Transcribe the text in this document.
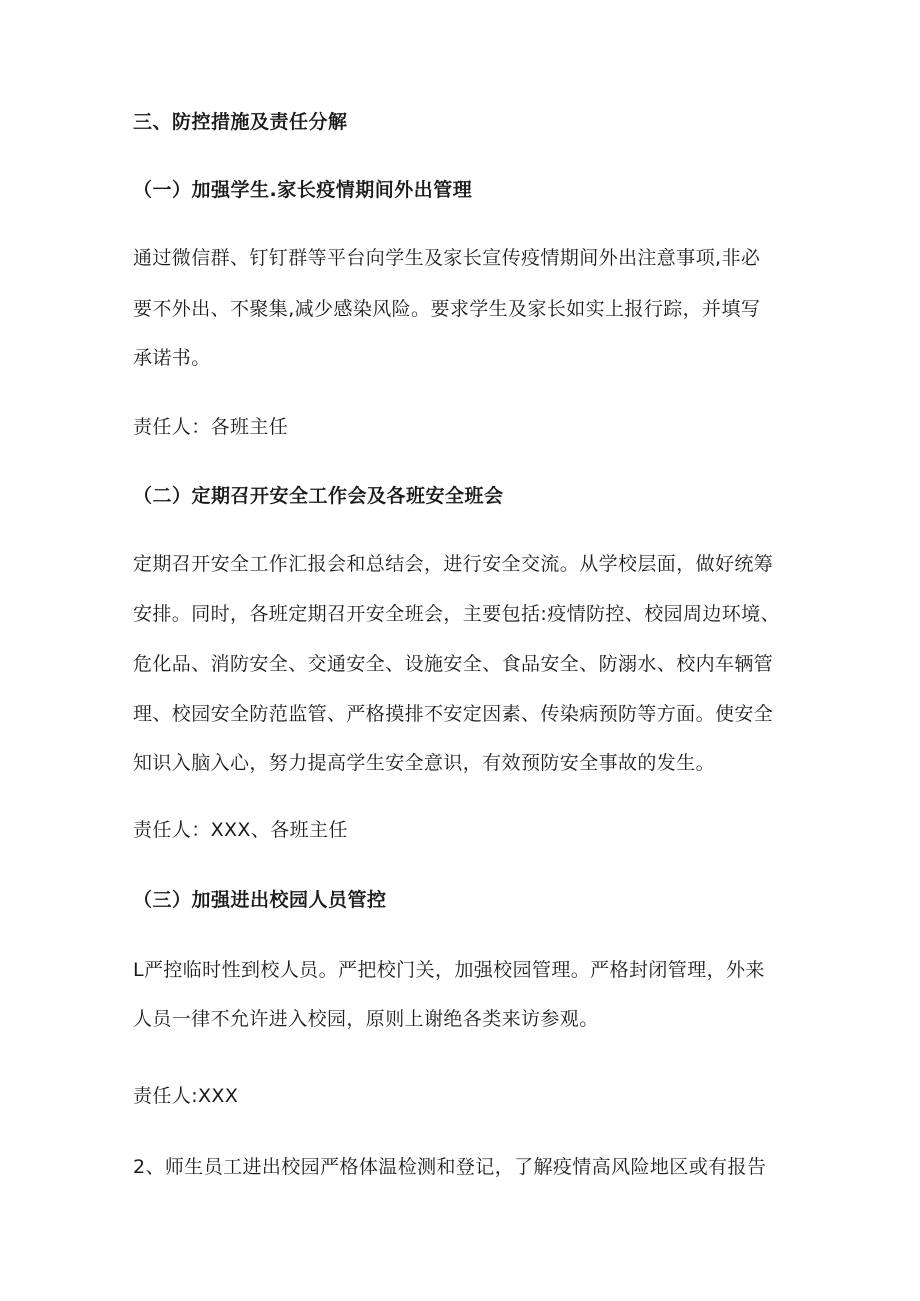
三、防控措施及责任分解
（一）加强学生.家长疫情期间外出管理
通过微信群、钉钉群等平台向学生及家长宣传疫情期间外出注意事项,非必
要不外出、不聚集,减少感染风险。要求学生及家长如实上报行踪，并填写
承诺书。
责任人：各班主任
（二）定期召开安全工作会及各班安全班会
定期召开安全工作汇报会和总结会，进行安全交流。从学校层面，做好统筹
安排。同时，各班定期召开安全班会，主要包括:疫情防控、校园周边环境、
危化品、消防安全、交通安全、设施安全、食品安全、防溺水、校内车辆管
理、校园安全防范监管、严格摸排不安定因素、传染病预防等方面。使安全
知识入脑入心，努力提高学生安全意识，有效预防安全事故的发生。
责任人：XXX、各班主任
（三）加强进出校园人员管控
L严控临时性到校人员。严把校门关，加强校园管理。严格封闭管理，外来
人员一律不允许进入校园，原则上谢绝各类来访参观。
责任人:XXX
2、师生员工进出校园严格体温检测和登记，了解疫情高风险地区或有报告
